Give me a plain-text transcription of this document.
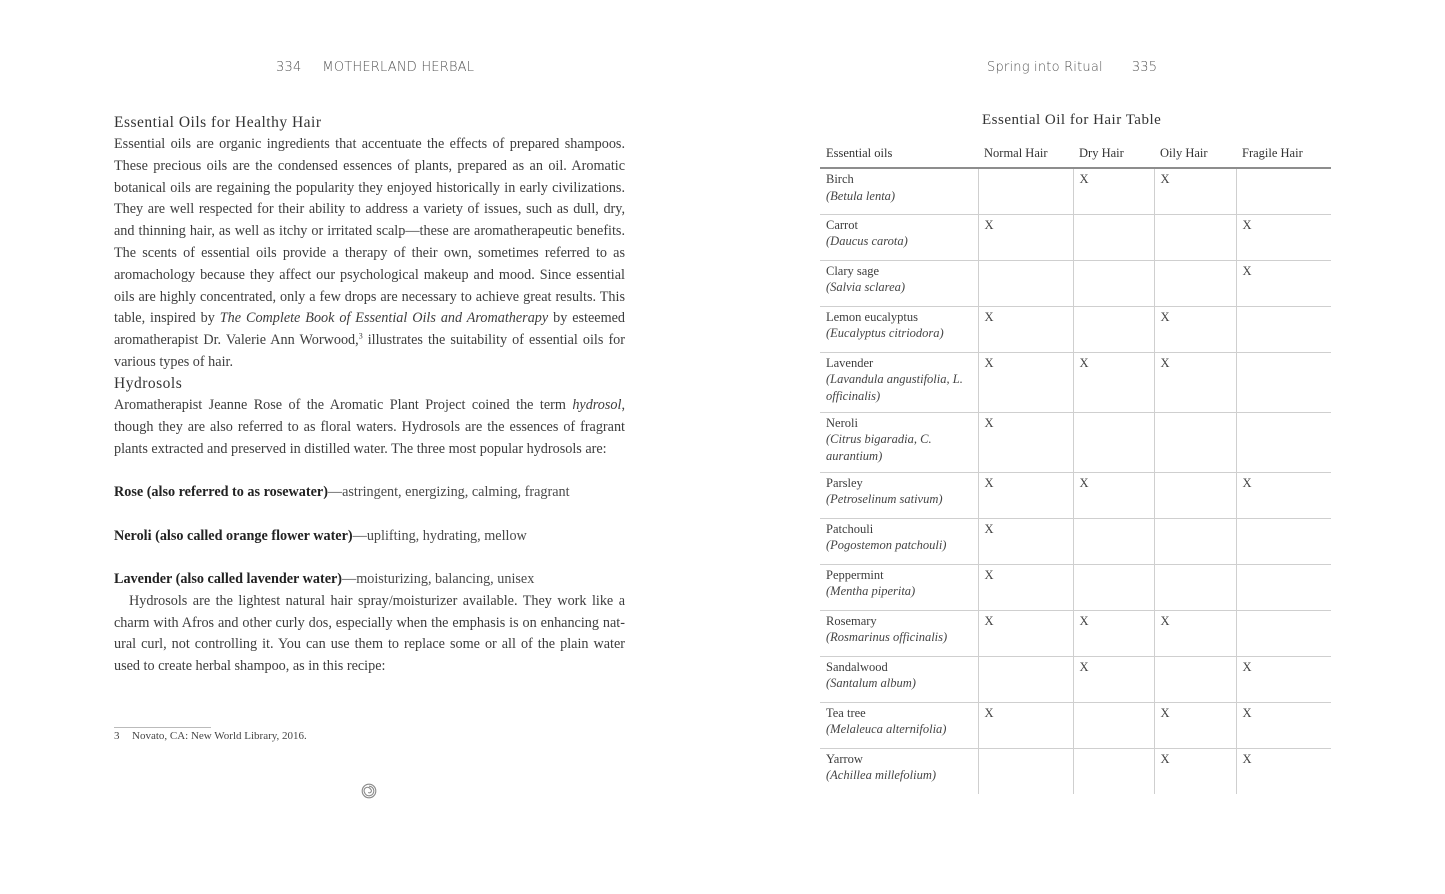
334 MOTHERLAND HERBAL
Essential Oils for Healthy Hair

Essential oils are organic ingredients that accentuate the effects of prepared shampoos. These precious oils are the condensed essences of plants, prepared as an oil. Aromatic botanical oils are regaining the popularity they enjoyed historically in early civilizations. They are well respected for their ability to address a variety of issues, such as dull, dry, and thinning hair, as well as itchy or irritated scalp—these are aromatherapeutic benefits. The scents of essential oils provide a therapy of their own, sometimes referred to as aromachology because they affect our psychological makeup and mood. Since essential oils are highly concentrated, only a few drops are necessary to achieve great results. This table, inspired by The Complete Book of Essential Oils and Aromatherapy by esteemed aromatherapist Dr. Valerie Ann Worwood,$^3$ illustrates the suitability of essential oils for various types of hair.

Hydrosols

Aromatherapist Jeanne Rose of the Aromatic Plant Project coined the term hydrosol, though they are also referred to as floral waters. Hydrosols are the essences of fragrant plants extracted and preserved in distilled water. The three most popular hydrosols are:

Rose (also referred to as rosewater)—astringent, energizing, calming, fragrant

Neroli (also called orange flower water)—uplifting, hydrating, mellow

Lavender (also called lavender water)—moisturizing, balancing, unisex

Hydrosols are the lightest natural hair spray/moisturizer available. They work like a charm with Afros and other curly dos, especially when the emphasis is on enhancing natural curl, not controlling it. You can use them to replace some or all of the plain water used to create herbal shampoo, as in this recipe:

3 Novato, CA: New World Library, 2016.
Spring into Ritual 335
Essential Oil for Hair Table
Essential oils	Normal Hair	Dry Hair	Oily Hair	Fragile Hair

Birch
(Betula lenta)		X	X	

Carrot
(Daucus carota)	X			X

Clary sage
(Salvia sclarea)				X

Lemon eucalyptus
(Eucalyptus citriodora)	X		X	

Lavender
(Lavandula angustifolia, L. officinalis)	X	X	X	

Neroli
(Citrus bigaradia, C. aurantium)	X			

Parsley
(Petroselinum sativum)	X	X		X

Patchouli
(Pogostemon patchouli)	X			

Peppermint
(Mentha piperita)	X			

Rosemary
(Rosmarinus officinalis)	X	X	X	

Sandalwood
(Santalum album)		X		X

Tea tree
(Melaleuca alternifolia)	X		X	X

Yarrow
(Achillea millefolium)			X	X
